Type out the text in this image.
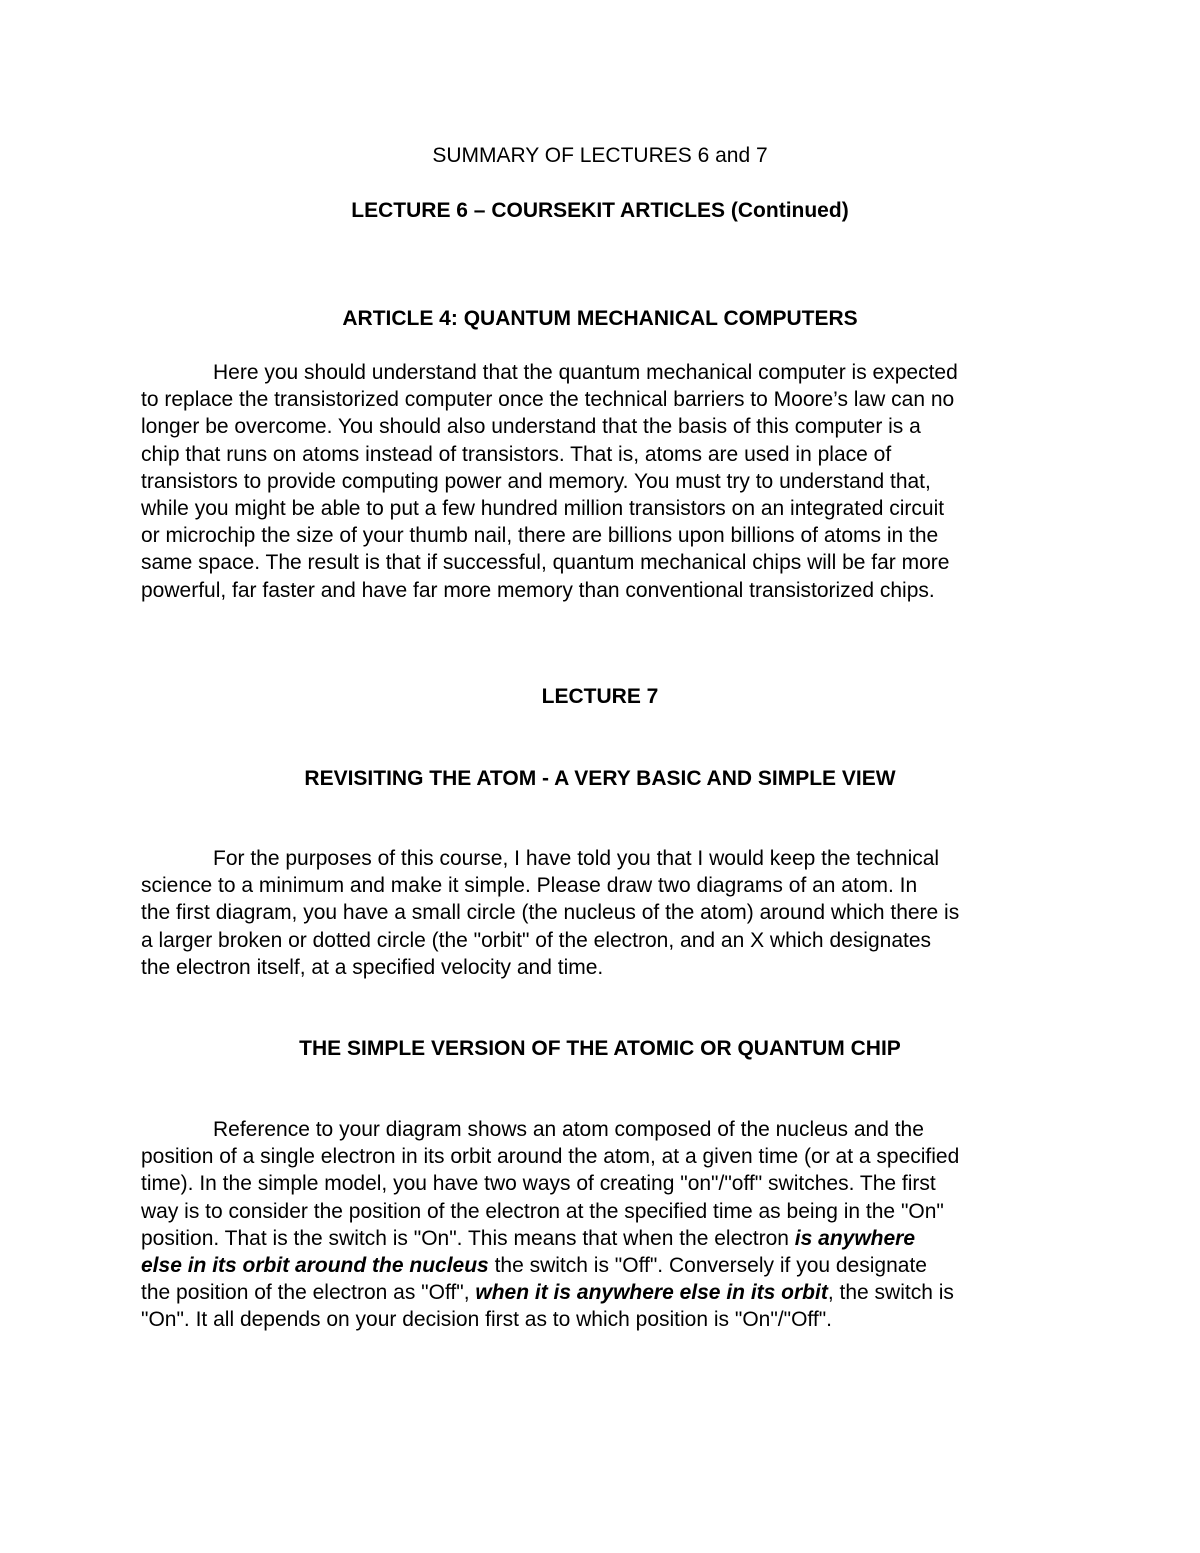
SUMMARY OF LECTURES 6 and 7
LECTURE 6 – COURSEKIT ARTICLES (Continued)
ARTICLE 4: QUANTUM MECHANICAL COMPUTERS
Here you should understand that the quantum mechanical computer is expected
to replace the transistorized computer once the technical barriers to Moore’s law can no
longer be overcome. You should also understand that the basis of this computer is a
chip that runs on atoms instead of transistors. That is, atoms are used in place of
transistors to provide computing power and memory. You must try to understand that,
while you might be able to put a few hundred million transistors on an integrated circuit
or microchip the size of your thumb nail, there are billions upon billions of atoms in the
same space. The result is that if successful, quantum mechanical chips will be far more
powerful, far faster and have far more memory than conventional transistorized chips.
LECTURE 7
REVISITING THE ATOM - A VERY BASIC AND SIMPLE VIEW
For the purposes of this course, I have told you that I would keep the technical
science to a minimum and make it simple. Please draw two diagrams of an atom. In
the first diagram, you have a small circle (the nucleus of the atom) around which there is
a larger broken or dotted circle (the "orbit" of the electron, and an X which designates
the electron itself, at a specified velocity and time.
THE SIMPLE VERSION OF THE ATOMIC OR QUANTUM CHIP
Reference to your diagram shows an atom composed of the nucleus and the
position of a single electron in its orbit around the atom, at a given time (or at a specified
time). In the simple model, you have two ways of creating "on"/"off" switches. The first
way is to consider the position of the electron at the specified time as being in the "On"
position. That is the switch is "On". This means that when the electron is anywhere
else in its orbit around the nucleus the switch is "Off". Conversely if you designate
the position of the electron as "Off", when it is anywhere else in its orbit, the switch is
"On". It all depends on your decision first as to which position is "On"/"Off".
